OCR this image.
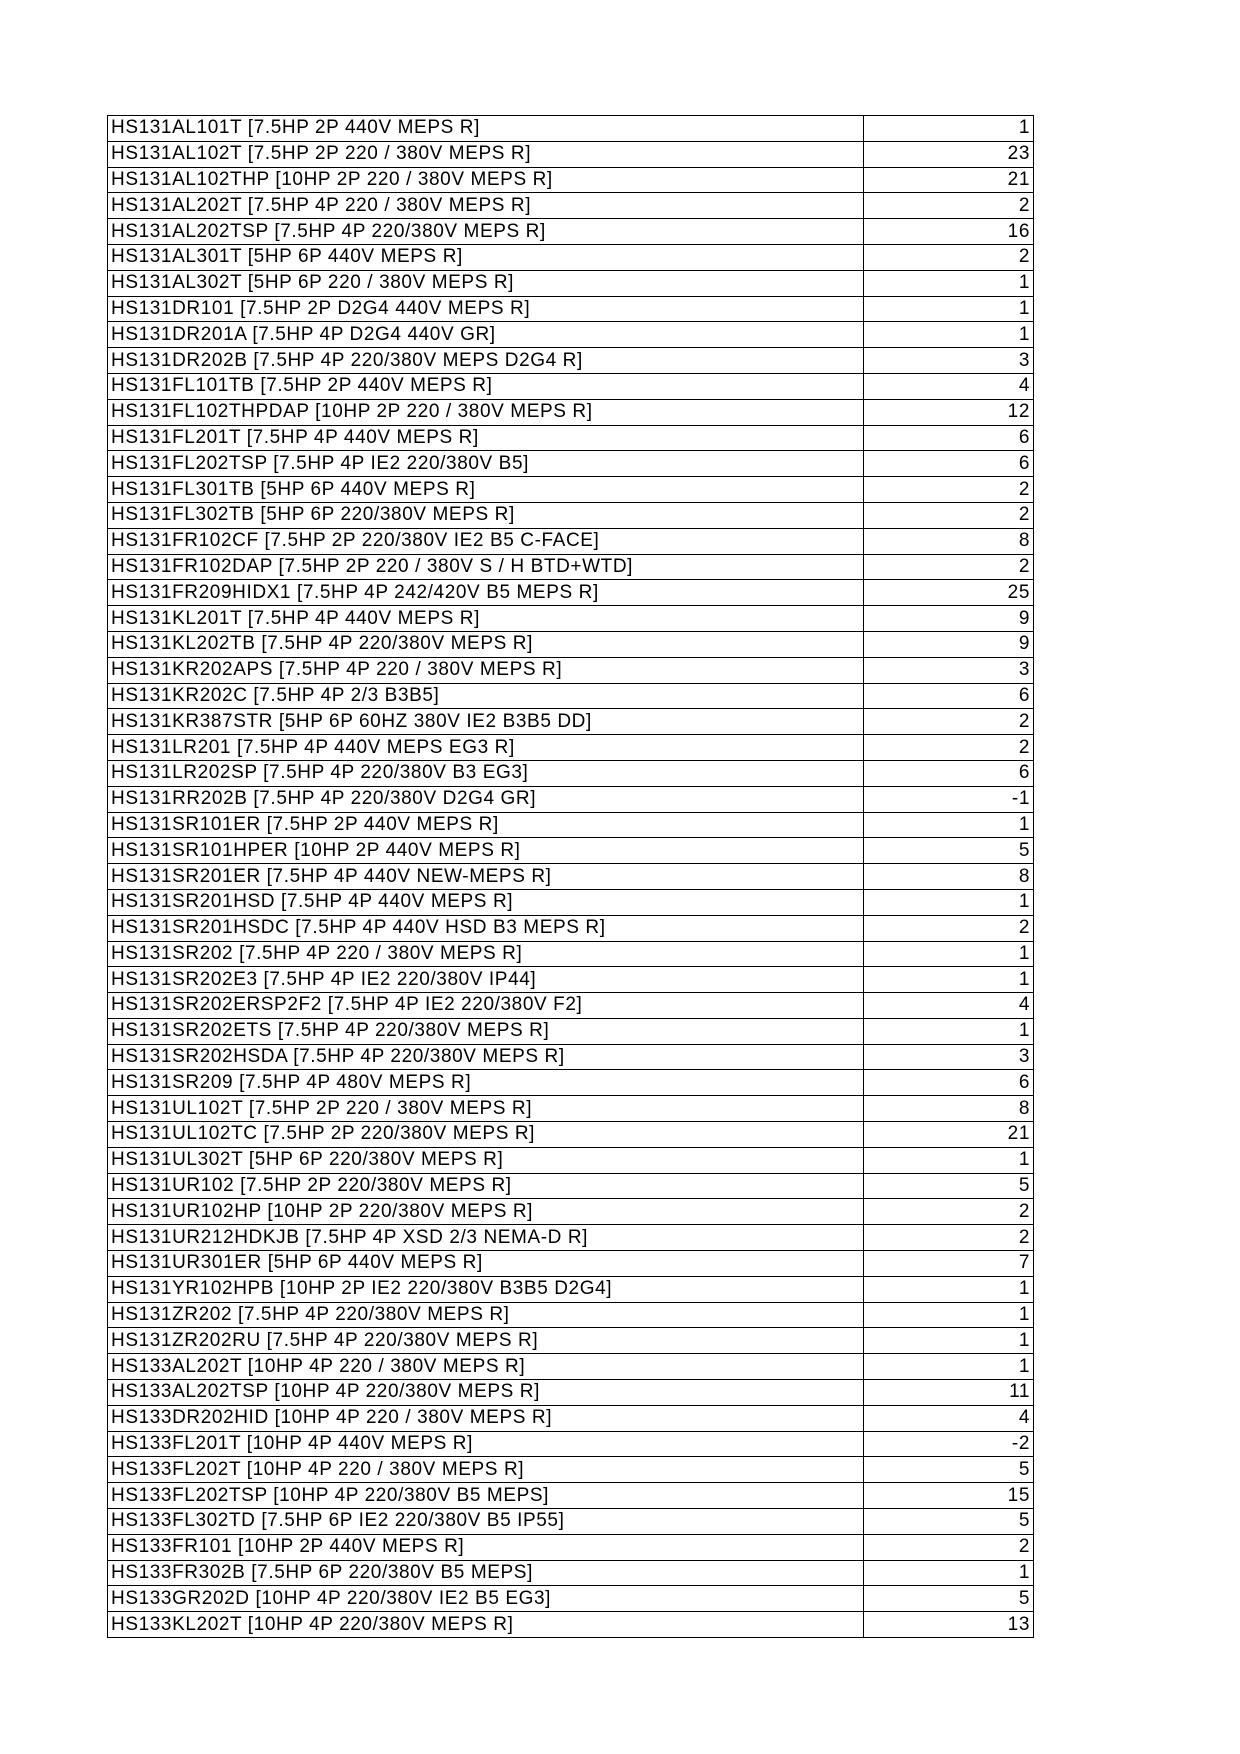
HS131AL101T [7.5HP 2P 440V MEPS R]	1
HS131AL102T [7.5HP 2P 220 / 380V MEPS R]	23
HS131AL102THP [10HP 2P 220 / 380V MEPS R]	21
HS131AL202T [7.5HP 4P 220 / 380V MEPS R]	2
HS131AL202TSP [7.5HP 4P 220/380V MEPS R]	16
HS131AL301T [5HP 6P 440V MEPS R]	2
HS131AL302T [5HP 6P 220 / 380V MEPS R]	1
HS131DR101 [7.5HP 2P D2G4 440V MEPS R]	1
HS131DR201A [7.5HP 4P D2G4 440V GR]	1
HS131DR202B [7.5HP 4P 220/380V MEPS D2G4 R]	3
HS131FL101TB [7.5HP 2P 440V MEPS R]	4
HS131FL102THPDAP [10HP 2P 220 / 380V MEPS R]	12
HS131FL201T [7.5HP 4P 440V MEPS R]	6
HS131FL202TSP [7.5HP 4P IE2 220/380V B5]	6
HS131FL301TB [5HP 6P 440V MEPS R]	2
HS131FL302TB [5HP 6P 220/380V MEPS R]	2
HS131FR102CF [7.5HP 2P 220/380V IE2 B5 C-FACE]	8
HS131FR102DAP [7.5HP 2P 220 / 380V S / H BTD+WTD]	2
HS131FR209HIDX1 [7.5HP 4P 242/420V B5 MEPS R]	25
HS131KL201T [7.5HP 4P 440V MEPS R]	9
HS131KL202TB [7.5HP 4P 220/380V MEPS R]	9
HS131KR202APS [7.5HP 4P 220 / 380V MEPS R]	3
HS131KR202C [7.5HP 4P 2/3 B3B5]	6
HS131KR387STR [5HP 6P 60HZ 380V IE2 B3B5 DD]	2
HS131LR201 [7.5HP 4P 440V MEPS EG3 R]	2
HS131LR202SP [7.5HP 4P 220/380V B3 EG3]	6
HS131RR202B [7.5HP 4P 220/380V D2G4 GR]	-1
HS131SR101ER [7.5HP 2P 440V MEPS R]	1
HS131SR101HPER [10HP 2P 440V MEPS R]	5
HS131SR201ER [7.5HP 4P 440V NEW-MEPS R]	8
HS131SR201HSD [7.5HP 4P 440V MEPS R]	1
HS131SR201HSDC [7.5HP 4P 440V HSD B3 MEPS R]	2
HS131SR202 [7.5HP 4P 220 / 380V MEPS R]	1
HS131SR202E3 [7.5HP 4P IE2 220/380V IP44]	1
HS131SR202ERSP2F2 [7.5HP 4P IE2 220/380V F2]	4
HS131SR202ETS [7.5HP 4P 220/380V MEPS R]	1
HS131SR202HSDA [7.5HP 4P 220/380V MEPS R]	3
HS131SR209 [7.5HP 4P 480V MEPS R]	6
HS131UL102T [7.5HP 2P 220 / 380V MEPS R]	8
HS131UL102TC [7.5HP 2P 220/380V MEPS R]	21
HS131UL302T [5HP 6P 220/380V MEPS R]	1
HS131UR102 [7.5HP 2P 220/380V MEPS R]	5
HS131UR102HP [10HP 2P 220/380V MEPS R]	2
HS131UR212HDKJB [7.5HP 4P XSD 2/3 NEMA-D R]	2
HS131UR301ER [5HP 6P 440V MEPS R]	7
HS131YR102HPB [10HP 2P IE2 220/380V B3B5 D2G4]	1
HS131ZR202 [7.5HP 4P 220/380V MEPS R]	1
HS131ZR202RU [7.5HP 4P 220/380V MEPS R]	1
HS133AL202T [10HP 4P 220 / 380V MEPS R]	1
HS133AL202TSP [10HP 4P 220/380V MEPS R]	11
HS133DR202HID [10HP 4P 220 / 380V MEPS R]	4
HS133FL201T [10HP 4P 440V MEPS R]	-2
HS133FL202T [10HP 4P 220 / 380V MEPS R]	5
HS133FL202TSP [10HP 4P 220/380V B5 MEPS]	15
HS133FL302TD [7.5HP 6P IE2 220/380V B5 IP55]	5
HS133FR101 [10HP 2P 440V MEPS R]	2
HS133FR302B [7.5HP 6P 220/380V B5 MEPS]	1
HS133GR202D [10HP 4P 220/380V IE2 B5 EG3]	5
HS133KL202T [10HP 4P 220/380V MEPS R]	13
